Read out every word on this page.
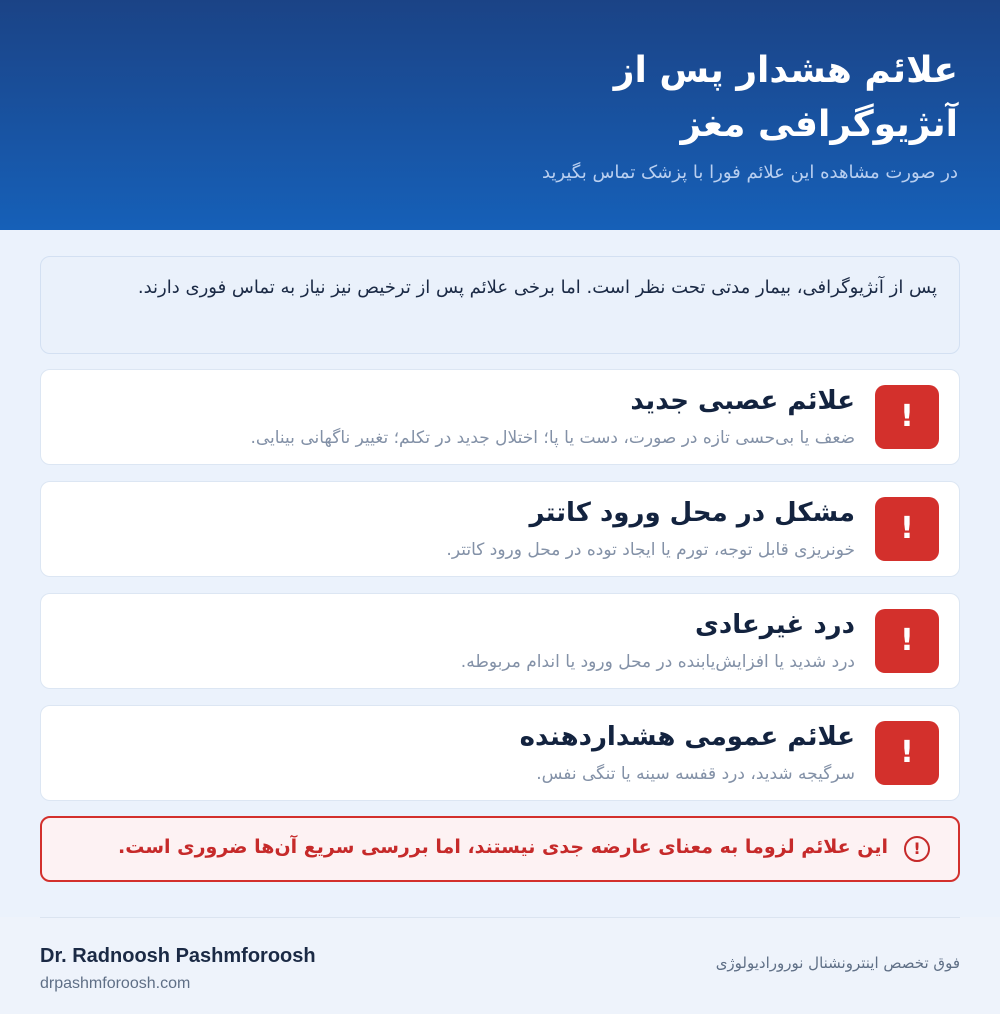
علائم هشدار پس از آنژیوگرافی مغز
در صورت مشاهده این علائم فورا با پزشک تماس بگیرید
پس از آنژیوگرافی، بیمار مدتی تحت نظر است. اما برخی علائم پس از ترخیص نیز نیاز به تماس فوری دارند.
!
علائم عصبی جدید
ضعف یا بی‌حسی تازه در صورت، دست یا پا؛ اختلال جدید در تکلم؛ تغییر ناگهانی بینایی.
!
مشکل در محل ورود کاتتر
خونریزی قابل توجه، تورم یا ایجاد توده در محل ورود کاتتر.
!
درد غیرعادی
درد شدید یا افزایش‌یابنده در محل ورود یا اندام مربوطه.
!
علائم عمومی هشداردهنده
سرگیجه شدید، درد قفسه سینه یا تنگی نفس.
!
این علائم لزوما به معنای عارضه جدی نیستند، اما بررسی سریع آن‌ها ضروری است.
Dr. Radnoosh Pashmforoosh
drpashmforoosh.com
فوق تخصص اینترونشنال نورورادیولوژی
